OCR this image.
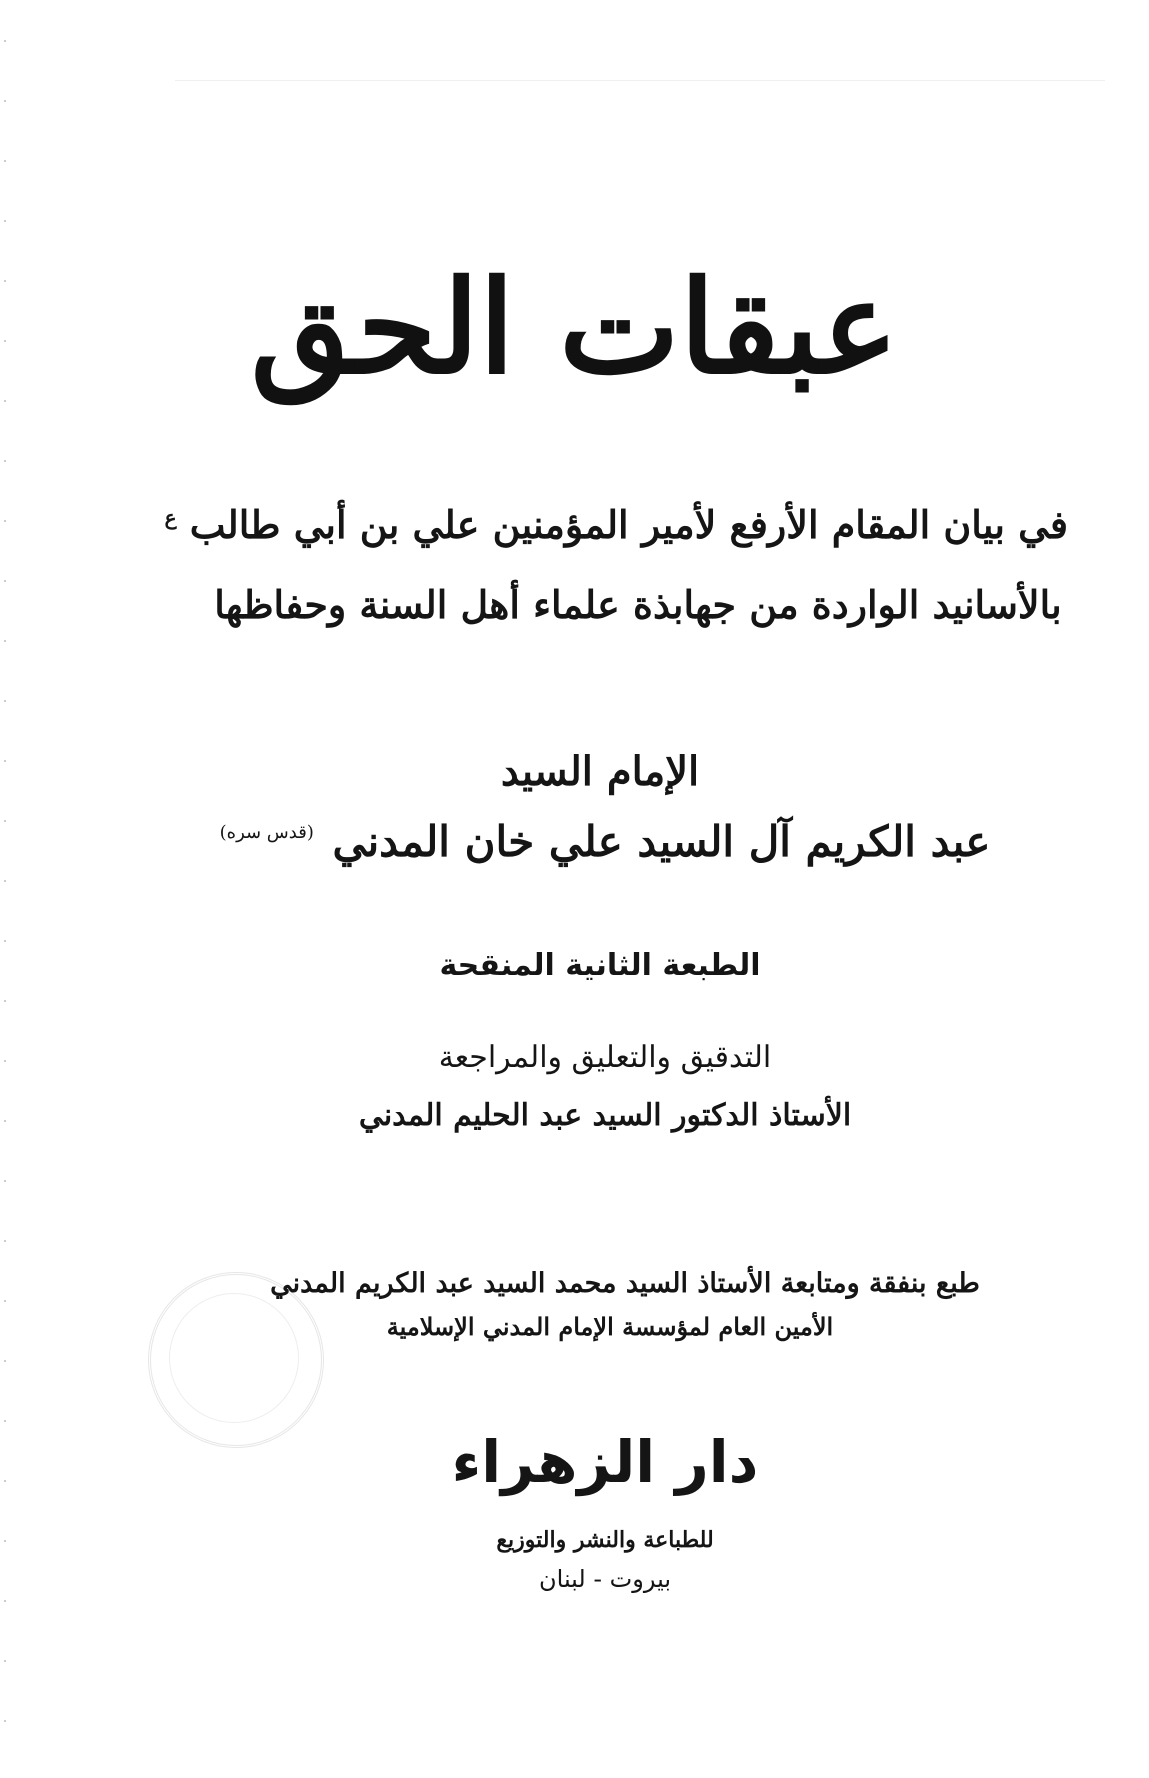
عبقات الحق
في بيان المقام الأرفع لأمير المؤمنين علي بن أبي طالب $^ع$
بالأسانيد الواردة من جهابذة علماء أهل السنة وحفاظها
الإمام السيد
عبد الكريم آل السيد علي خان المدني $^{(قدس سره)}$
الطبعة الثانية المنقحة
التدقيق والتعليق والمراجعة
الأستاذ الدكتور السيد عبد الحليم المدني
طبع بنفقة ومتابعة الأستاذ السيد محمد السيد عبد الكريم المدني
الأمين العام لمؤسسة الإمام المدني الإسلامية
دار الزهراء
للطباعة والنشر والتوزيع
بيروت - لبنان
